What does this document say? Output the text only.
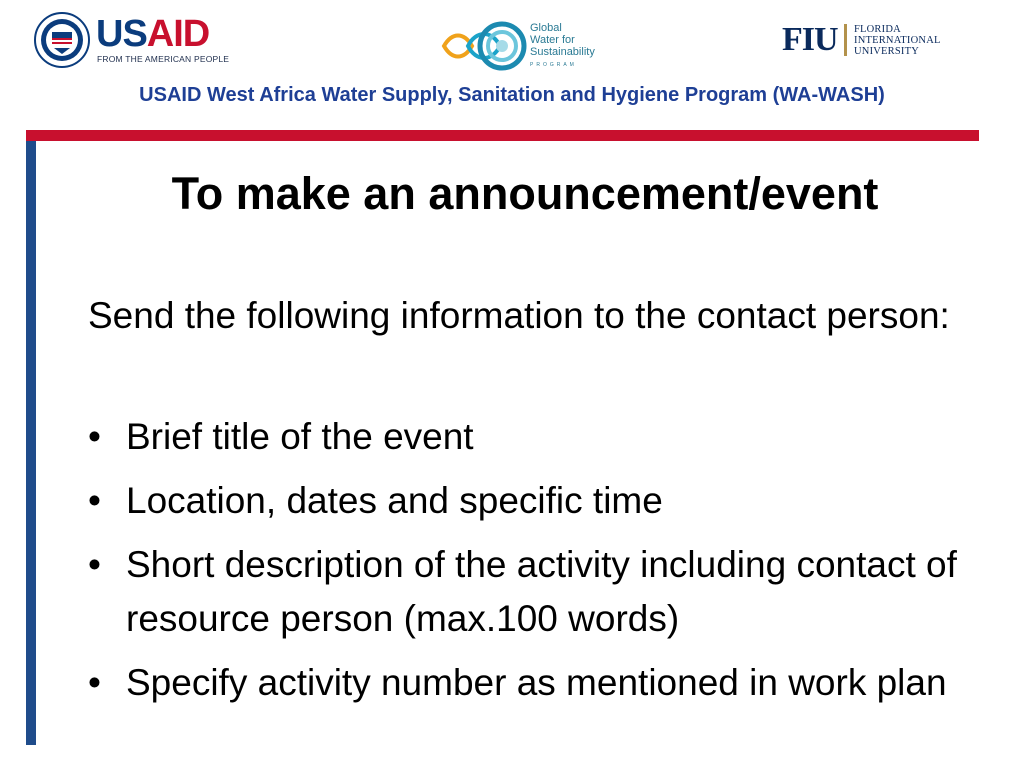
USAID
FROM THE AMERICAN PEOPLE
Global
Water for
Sustainability
PROGRAM
FIU FLORIDA
INTERNATIONAL
UNIVERSITY
USAID West Africa Water Supply, Sanitation and Hygiene Program (WA-WASH)
To make an announcement/event
Send the following information to the contact person:
• Brief title of the event
• Location, dates and specific time
• Short description of the activity including contact of resource person (max.100 words)
• Specify activity number as mentioned in work plan
